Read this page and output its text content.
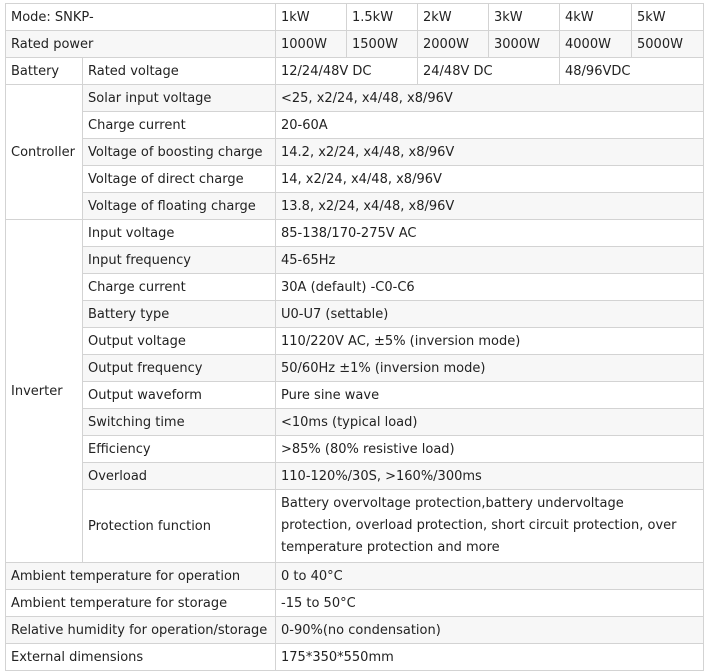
Mode: SNKP-		1kW	1.5kW	2kW	3kW	4kW	5kW
Rated power		1000W	1500W	2000W	3000W	4000W	5000W
Battery	Rated voltage	12/24/48V DC		24/48V DC		48/96VDC	
Controller	Solar input voltage	<25, x2/24, x4/48, x8/96V					
	Charge current	20-60A					
	Voltage of boosting charge	14.2, x2/24, x4/48, x8/96V					
	Voltage of direct charge	14, x2/24, x4/48, x8/96V					
	Voltage of floating charge	13.8, x2/24, x4/48, x8/96V					
Inverter	Input voltage	85-138/170-275V AC					
	Input frequency	45-65Hz					
	Charge current	30A (default) -C0-C6					
	Battery type	U0-U7 (settable)					
	Output voltage	110/220V AC, ±5% (inversion mode)					
	Output frequency	50/60Hz ±1% (inversion mode)					
	Output waveform	Pure sine wave					
	Switching time	<10ms (typical load)					
	Efficiency	>85% (80% resistive load)					
	Overload	110-120%/30S, >160%/300ms					
	Protection function	Battery overvoltage protection,battery undervoltage protection, overload protection, short circuit protection, over temperature protection and more					
Ambient temperature for operation		0 to 40°C					
Ambient temperature for storage		-15 to 50°C					
Relative humidity for operation/storage		0-90%(no condensation)					
External dimensions		175*350*550mm					
